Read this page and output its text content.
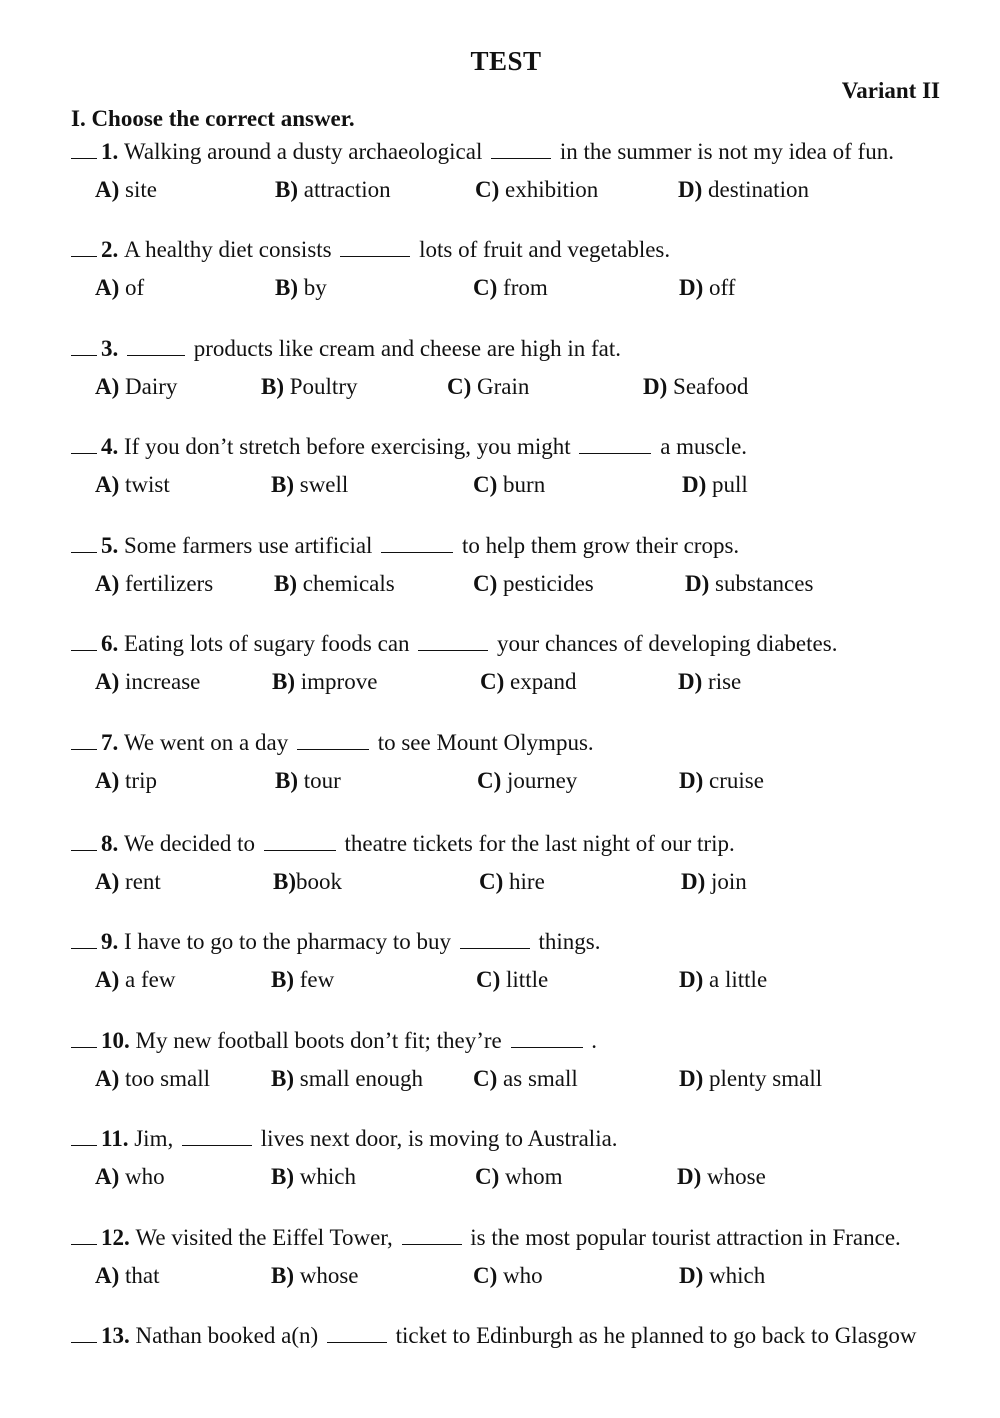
TEST
Variant II
I. Choose the correct answer.
1. Walking around a dusty archaeological	in the summer is not my idea of fun.
A) site	B) attraction	C) exhibition	D) destination
2. A healthy diet consists	lots of fruit and vegetables.
A) of	B) by	C) from	D) off
3.	products like cream and cheese are high in fat.
A) Dairy	B) Poultry	C) Grain	D) Seafood
4. If you don’t stretch before exercising, you might	a muscle.
A) twist	B) swell	C) burn	D) pull
5. Some farmers use artificial	to help them grow their crops.
A) fertilizers	B) chemicals	C) pesticides	D) substances
6. Eating lots of sugary foods can	your chances of developing diabetes.
A) increase	B) improve	C) expand	D) rise
7. We went on a day	to see Mount Olympus.
A) trip	B) tour	C) journey	D) cruise
8. We decided to	theatre tickets for the last night of our trip.
A) rent	B)book	C) hire	D) join
9. I have to go to the pharmacy to buy	things.
A) a few	B) few	C) little	D) a little
10. My new football boots don’t fit; they’re	.
A) too small	B) small enough C) as small	D) plenty small
11. Jim,	lives next door, is moving to Australia.
A) who	B) which	C) whom	D) whose
12. We visited the Eiffel Tower,	is the most popular tourist attraction in France.
A) that	B) whose	C) who	D) which
13. Nathan booked a(n)	ticket to Edinburgh as he planned to go back to Glasgow
